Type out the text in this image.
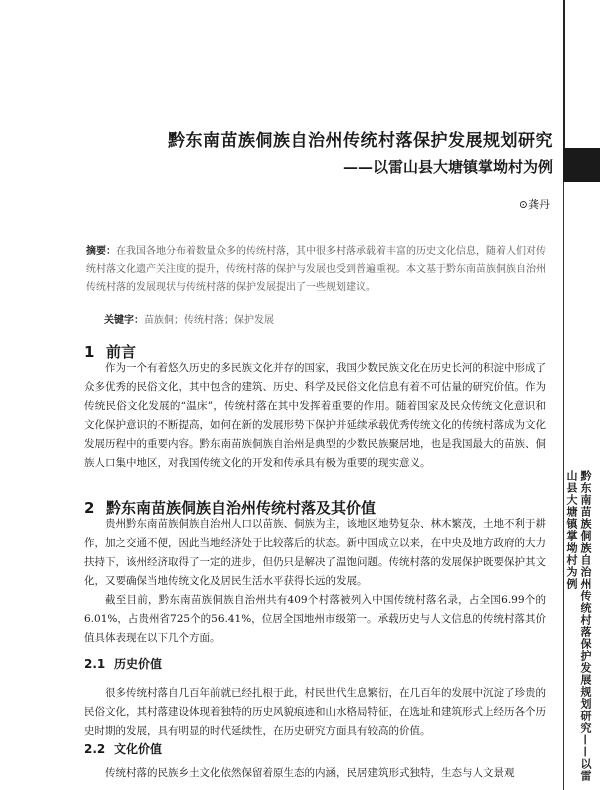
黔东南苗族侗族自治州传统村落保护发展规划研究——以雷山县大塘镇掌坳村为例
黔东南苗族侗族自治州传统村落保护发展规划研究
——以雷山县大塘镇掌坳村为例
⊙龚丹
摘要：在我国各地分布着数量众多的传统村落，其中很多村落承载着丰富的历史文化信息，随着人们对传统村落文化遗产关注度的提升，传统村落的保护与发展也受到普遍重视。本文基于黔东南苗族侗族自治州传统村落的发展现状与传统村落的保护发展提出了一些规划建议。
关键字：苗族侗；传统村落；保护发展
1 前言

作为一个有着悠久历史的多民族文化并存的国家，我国少数民族文化在历史长河的积淀中形成了众多优秀的民俗文化，其中包含的建筑、历史、科学及民俗文化信息有着不可估量的研究价值。作为传统民俗文化发展的“温床”，传统村落在其中发挥着重要的作用。随着国家及民众传统文化意识和文化保护意识的不断提高，如何在新的发展形势下保护并延续承载优秀传统文化的传统村落成为文化发展历程中的重要内容。黔东南苗族侗族自治州是典型的少数民族聚居地，也是我国最大的苗族、侗族人口集中地区，对我国传统文化的开发和传承具有极为重要的现实意义。

2 黔东南苗族侗族自治州传统村落及其价值

贵州黔东南苗族侗族自治州人口以苗族、侗族为主，该地区地势复杂、林木繁茂，土地不利于耕作，加之交通不便，因此当地经济处于比较落后的状态。新中国成立以来，在中央及地方政府的大力扶持下，该州经济取得了一定的进步，但仍只是解决了温饱问题。传统村落的发展保护既要保护其文化，又要确保当地传统文化及居民生活水平获得长远的发展。

截至目前，黔东南苗族侗族自治州共有409个村落被列入中国传统村落名录，占全国6.99个的6.01%，占贵州省725个的56.41%，位居全国地州市级第一。承载历史与人文信息的传统村落其价值具体表现在以下几个方面。

2.1 历史价值

很多传统村落自几百年前就已经扎根于此，村民世代生息繁衍，在几百年的发展中沉淀了珍贵的民俗文化，其村落建设体现着独特的历史风貌痕迹和山水格局特征，在选址和建筑形式上经历各个历史时期的发展，具有明显的时代延续性，在历史研究方面具有较高的价值。

2.2 文化价值

传统村落的民族乡土文化依然保留着原生态的内涵，民居建筑形式独特，生态与人文景观
